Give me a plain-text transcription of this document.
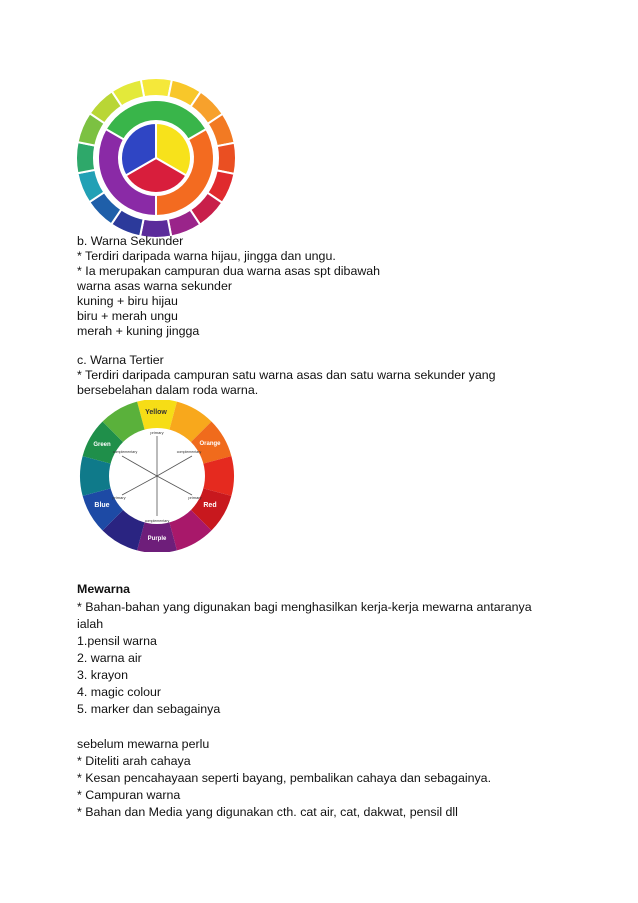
b. Warna Sekunder
* Terdiri daripada warna hijau, jingga dan ungu.
* Ia merupakan campuran dua warna asas spt dibawah
warna asas warna sekunder
kuning + biru hijau
biru + merah ungu
merah + kuning jingga
c. Warna Tertier
* Terdiri daripada campuran satu warna asas dan satu warna sekunder yang
bersebelahan dalam roda warna.
primary
primary	primary
complementary	complementary
complementary
Yellow
Orange
Red
Purple
Blue
Green
Mewarna
* Bahan-bahan yang digunakan bagi menghasilkan kerja-kerja mewarna antaranya
ialah
1.pensil warna
2. warna air
3. krayon
4. magic colour
5. marker dan sebagainya
sebelum mewarna perlu
* Diteliti arah cahaya
* Kesan pencahayaan seperti bayang, pembalikan cahaya dan sebagainya.
* Campuran warna
* Bahan dan Media yang digunakan cth. cat air, cat, dakwat, pensil dll
